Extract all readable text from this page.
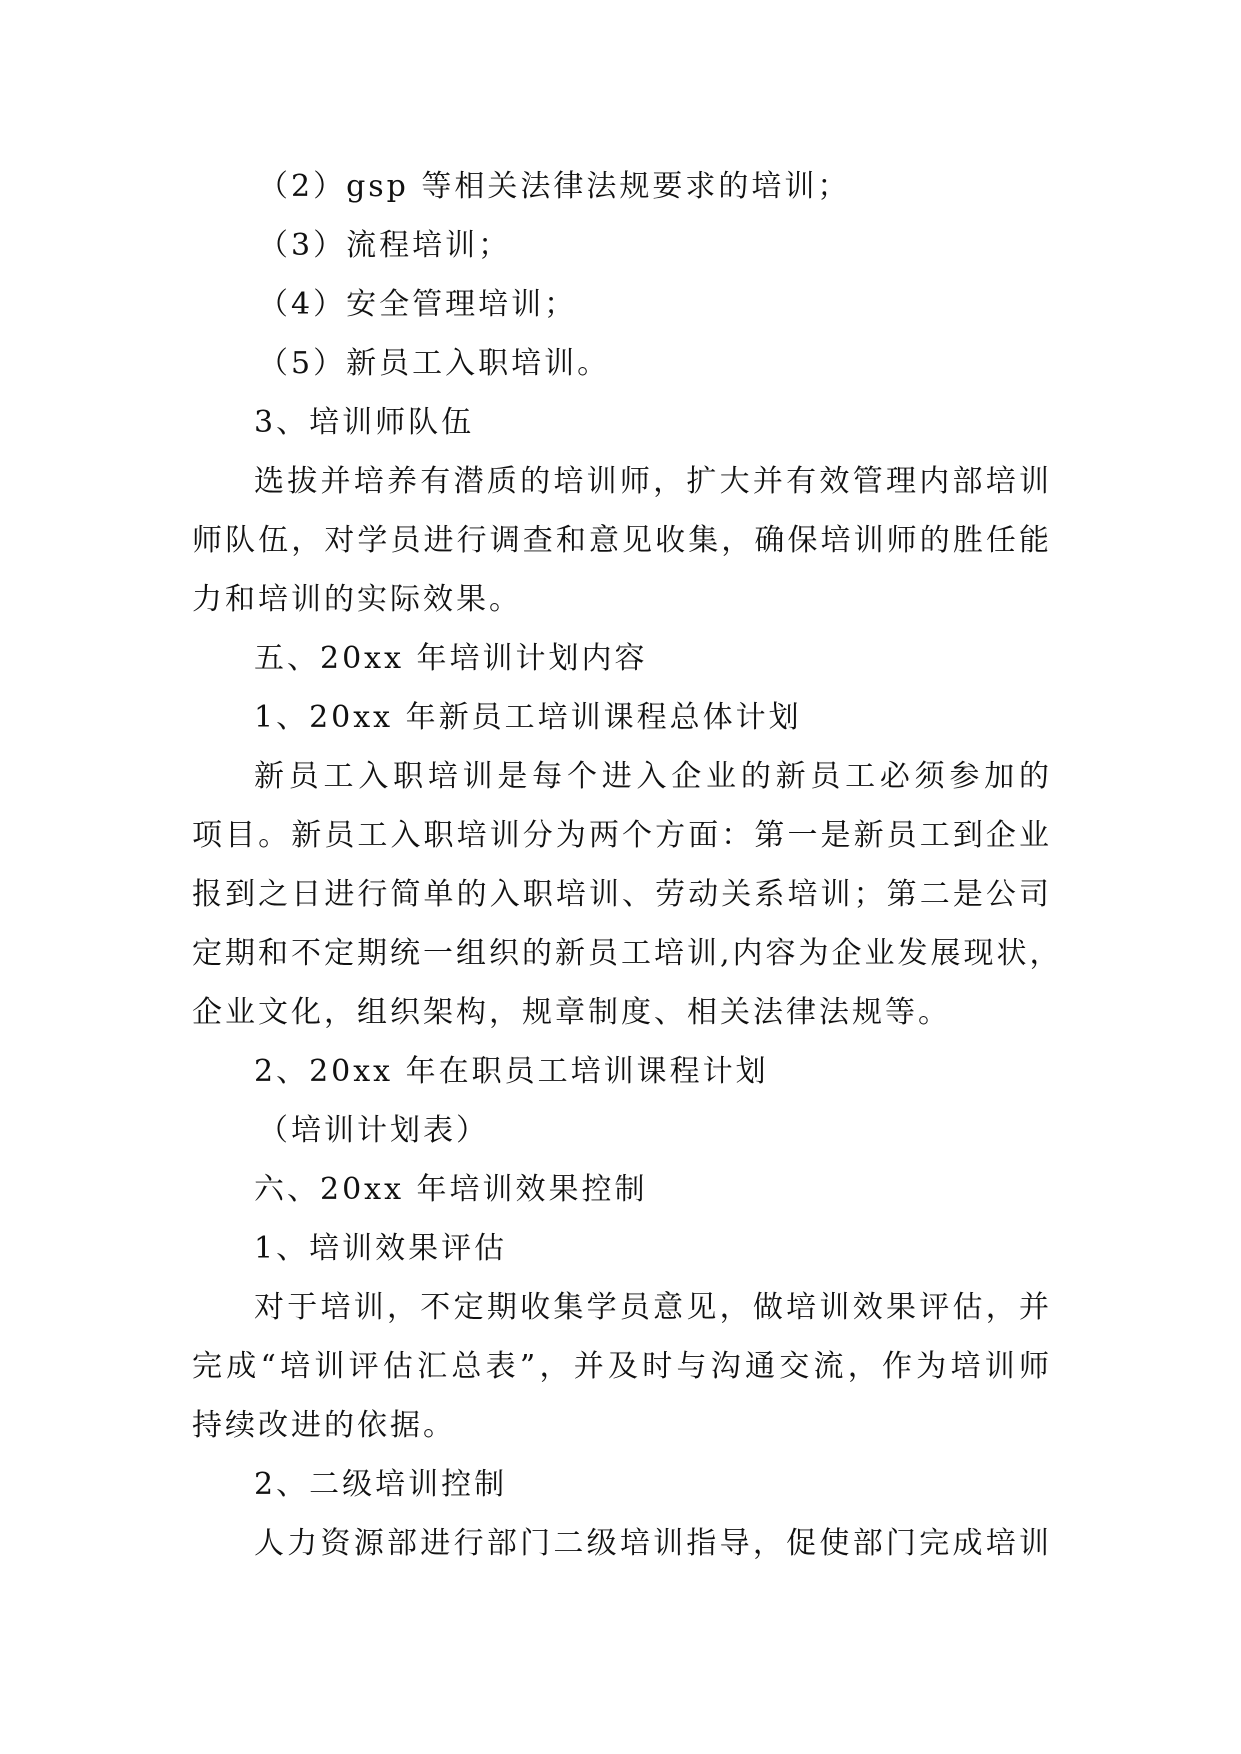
（2）gsp 等相关法律法规要求的培训；
（3）流程培训；
（4）安全管理培训；
（5）新员工入职培训。
3、培训师队伍
选拔并培养有潜质的培训师，扩大并有效管理内部培训
师队伍，对学员进行调查和意见收集，确保培训师的胜任能
力和培训的实际效果。
五、20xx 年培训计划内容
1、20xx 年新员工培训课程总体计划
新员工入职培训是每个进入企业的新员工必须参加的
项目。新员工入职培训分为两个方面：第一是新员工到企业
报到之日进行简单的入职培训、劳动关系培训；第二是公司
定期和不定期统一组织的新员工培训,内容为企业发展现状，
企业文化，组织架构，规章制度、相关法律法规等。
2、20xx 年在职员工培训课程计划
（培训计划表）
六、20xx 年培训效果控制
1、培训效果评估
对于培训，不定期收集学员意见，做培训效果评估，并
完成“培训评估汇总表”，并及时与沟通交流，作为培训师
持续改进的依据。
2、二级培训控制
人力资源部进行部门二级培训指导，促使部门完成培训
